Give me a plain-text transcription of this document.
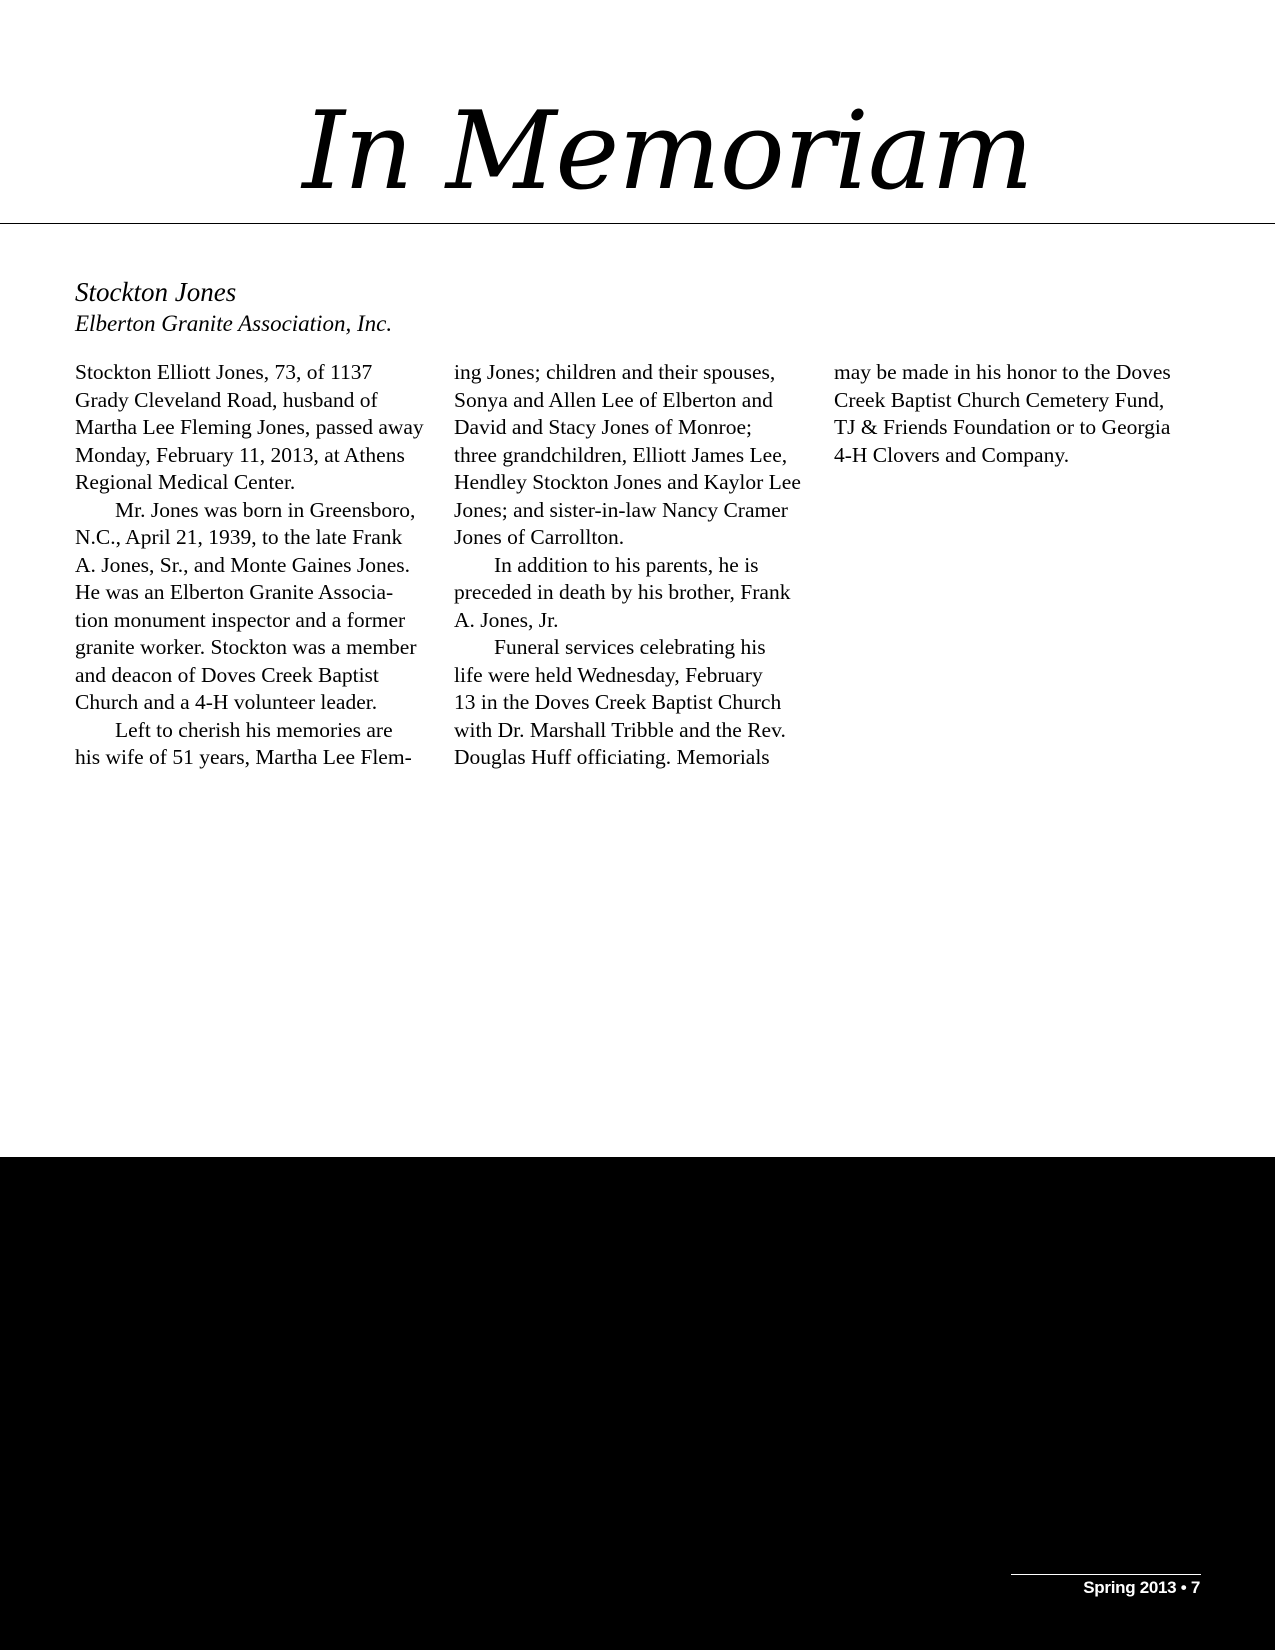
In Memoriam

Stockton Jones

Elberton Granite Association, Inc.

Stockton Elliott Jones, 73, of 1137
Grady Cleveland Road, husband of
Martha Lee Fleming Jones, passed away
Monday, February 11, 2013, at Athens
Regional Medical Center.
Mr. Jones was born in Greensboro,
N.C., April 21, 1939, to the late Frank
A. Jones, Sr., and Monte Gaines Jones.
He was an Elberton Granite Associa-
tion monument inspector and a former
granite worker. Stockton was a member
and deacon of Doves Creek Baptist
Church and a 4-H volunteer leader.
Left to cherish his memories are
his wife of 51 years, Martha Lee Flem-
ing Jones; children and their spouses,
Sonya and Allen Lee of Elberton and
David and Stacy Jones of Monroe;
three grandchildren, Elliott James Lee,
Hendley Stockton Jones and Kaylor Lee
Jones; and sister-in-law Nancy Cramer
Jones of Carrollton.
In addition to his parents, he is
preceded in death by his brother, Frank
A. Jones, Jr.
Funeral services celebrating his
life were held Wednesday, February
13 in the Doves Creek Baptist Church
with Dr. Marshall Tribble and the Rev.
Douglas Huff officiating. Memorials
may be made in his honor to the Doves
Creek Baptist Church Cemetery Fund,
TJ & Friends Foundation or to Georgia
4-H Clovers and Company.
Spring 2013 • 7
